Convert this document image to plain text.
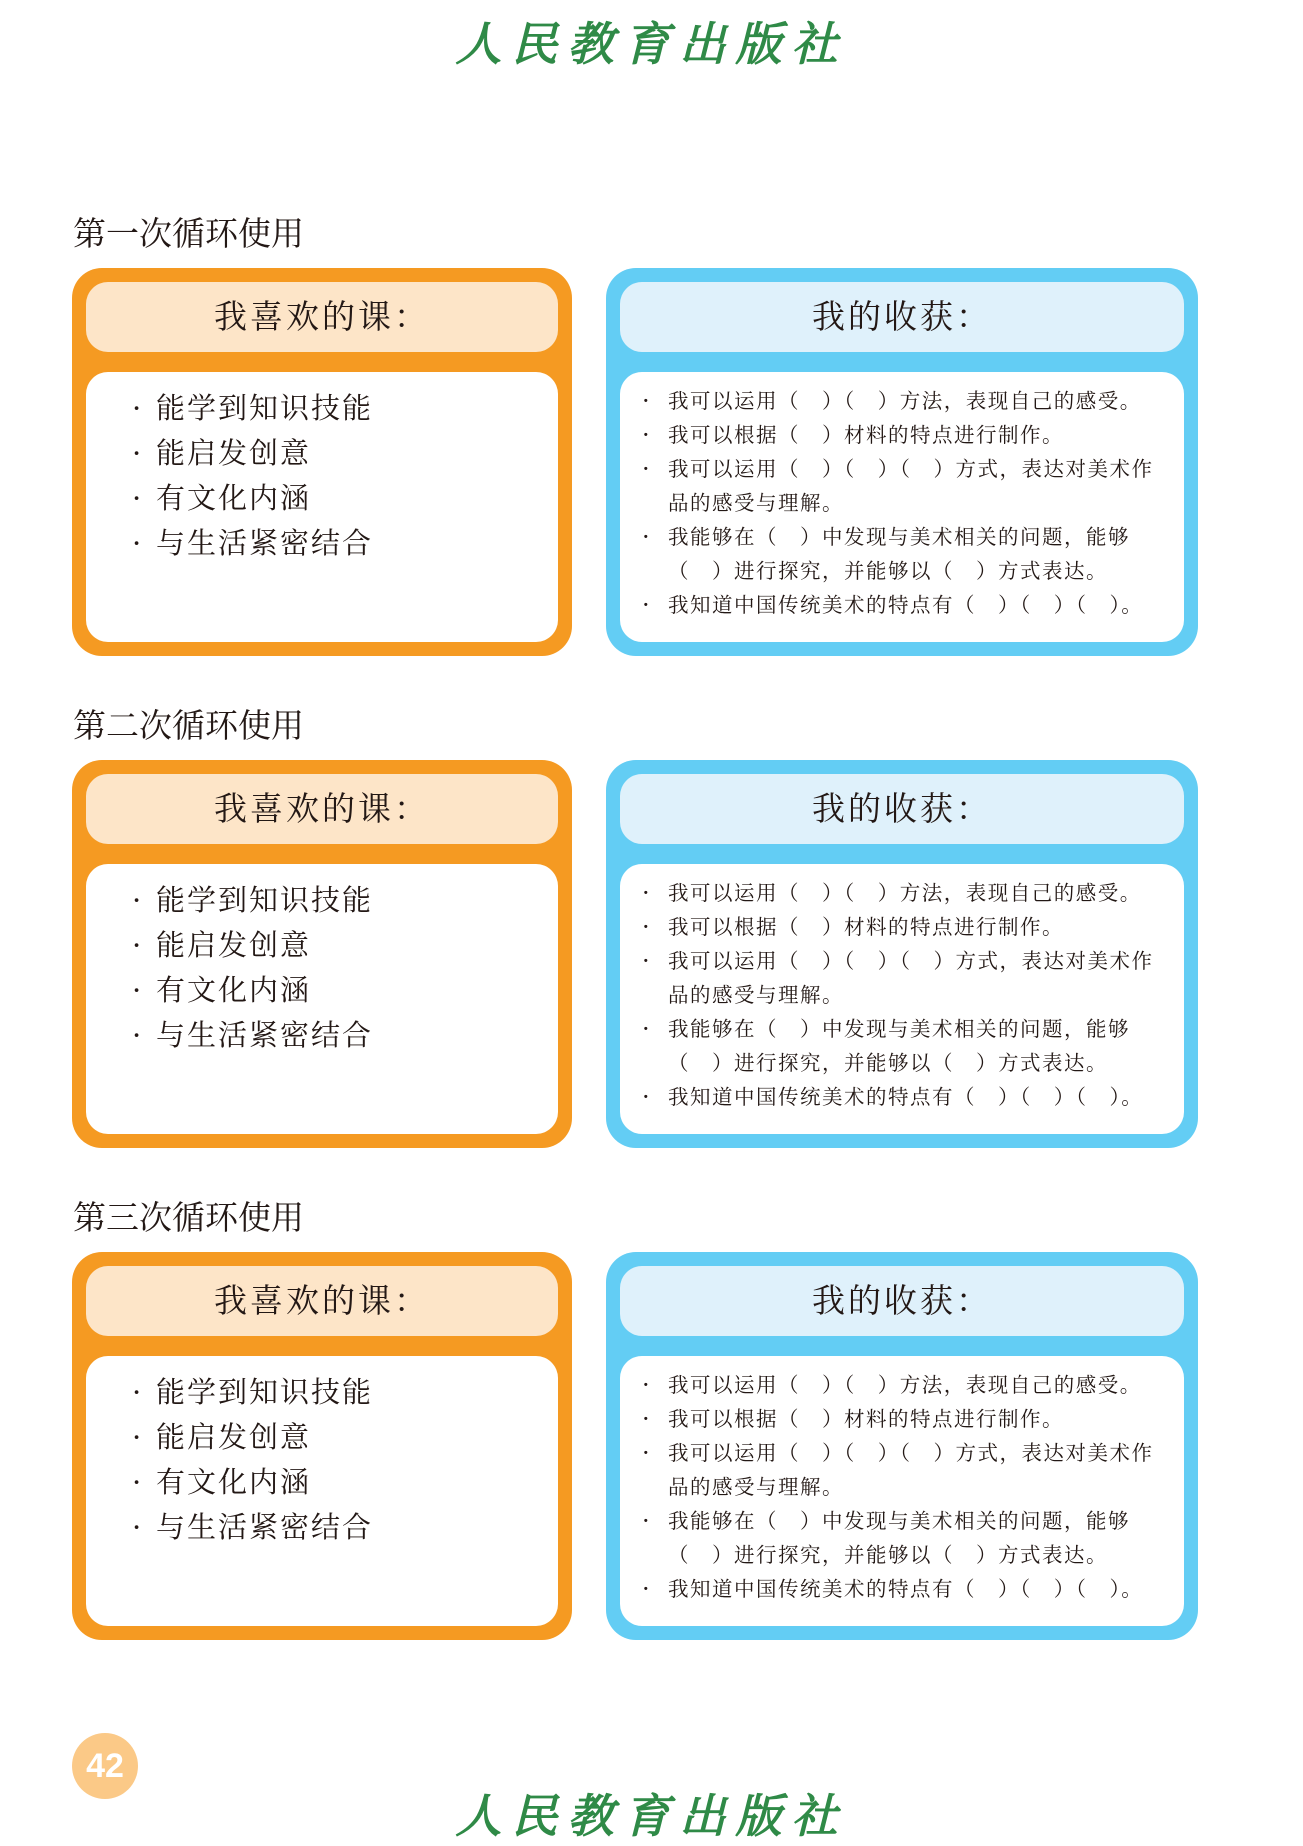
人民教育出版社
第一次循环使用
我喜欢的课：
· 能学到知识技能
· 能启发创意
· 有文化内涵
· 与生活紧密结合
我的收获：
· 我可以运用（　）（　）方法，表现自己的感受。
· 我可以根据（　）材料的特点进行制作。
· 我可以运用（　）（　）（　）方式，表达对美术作品的感受与理解。
· 我能够在（　）中发现与美术相关的问题，能够（　）进行探究，并能够以（　）方式表达。
· 我知道中国传统美术的特点有（　）（　）（　）。
第二次循环使用
我喜欢的课：
· 能学到知识技能
· 能启发创意
· 有文化内涵
· 与生活紧密结合
我的收获：
· 我可以运用（　）（　）方法，表现自己的感受。
· 我可以根据（　）材料的特点进行制作。
· 我可以运用（　）（　）（　）方式，表达对美术作品的感受与理解。
· 我能够在（　）中发现与美术相关的问题，能够（　）进行探究，并能够以（　）方式表达。
· 我知道中国传统美术的特点有（　）（　）（　）。
第三次循环使用
我喜欢的课：
· 能学到知识技能
· 能启发创意
· 有文化内涵
· 与生活紧密结合
我的收获：
· 我可以运用（　）（　）方法，表现自己的感受。
· 我可以根据（　）材料的特点进行制作。
· 我可以运用（　）（　）（　）方式，表达对美术作品的感受与理解。
· 我能够在（　）中发现与美术相关的问题，能够（　）进行探究，并能够以（　）方式表达。
· 我知道中国传统美术的特点有（　）（　）（　）。
42
人民教育出版社
